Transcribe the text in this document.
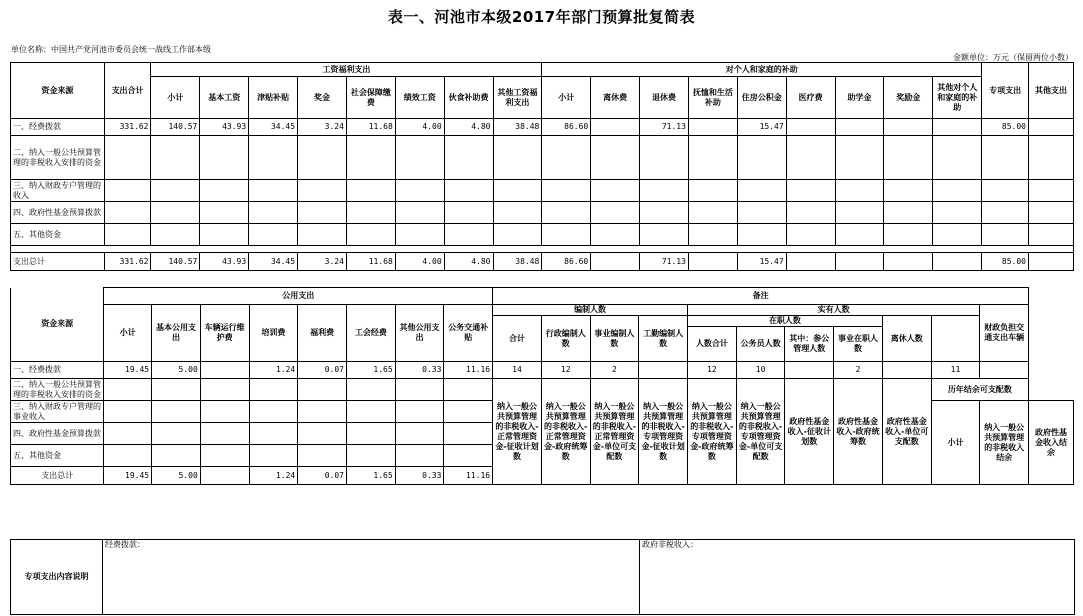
表一、河池市本级2017年部门预算批复简表
单位名称：中国共产党河池市委员会统一战线工作部本级
金额单位：万元（保留两位小数）
资金来源	支出合计	工资福利支出								对个人和家庭的补助									专项支出	其他支出
		小计	基本工资	津贴补贴	奖金	社会保障缴费	绩效工资	伙食补助费	其他工资福利支出	小计	离休费	退休费	抚恤和生活补助	住房公积金	医疗费	助学金	奖励金	其他对个人和家庭的补助		
一、经费拨款	331.62	140.57	43.93	34.45	3.24	11.68	4.00	4.80	38.48	86.60		71.13		15.47					85.00	
二、纳入一般公共预算管理的非税收入安排的资金																				
三、纳入财政专户管理的收入																				
四、政府性基金预算拨款																				
五、其他资金																				

支出总计	331.62	140.57	43.93	34.45	3.24	11.68	4.00	4.80	38.48	86.60		71.13		15.47					85.00	
资金来源	公用支出								备注											
	小计	基本公用支出	车辆运行维护费	培训费	福利费	工会经费	其他公用支出	公务交通补贴	编制人数				实有人数						财政负担交通支出车辆	
									合计	行政编制人数	事业编制人数	工勤编制人数	在职人数				离休人数			
													人数合计	公务员人数	其中：参公管理人数	事业在职人数				
一、经费拨款	19.45	5.00		1.24	0.07	1.65	0.33	11.16	14	12	2		12	10		2		11		
二、纳入一般公共预算管理的非税收入安排的资金									纳入一般公共预算管理的非税收入-正常管理资金-征收计划数	纳入一般公共预算管理的非税收入-正常管理资金-政府统筹数	纳入一般公共预算管理的非税收入-正常管理资金-单位可支配数	纳入一般公共预算管理的非税收入-专项管理资金-征收计划数	纳入一般公共预算管理的非税收入-专项管理资金-政府统筹数	纳入一般公共预算管理的非税收入-专项管理资金-单位可支配数	政府性基金收入-征收计划数	政府性基金收入-政府统筹数	政府性基金收入-单位可支配数	历年结余可支配数		
三、纳入财政专户管理的事业收入																		小计	纳入一般公共预算管理的非税收入结余	政府性基金收入结余
四、政府性基金预算拨款																				
五、其他资金																				
支出总计	19.45	5.00		1.24	0.07	1.65	0.33	11.16												
专项支出内容说明	经费拨款：	政府非税收入：
